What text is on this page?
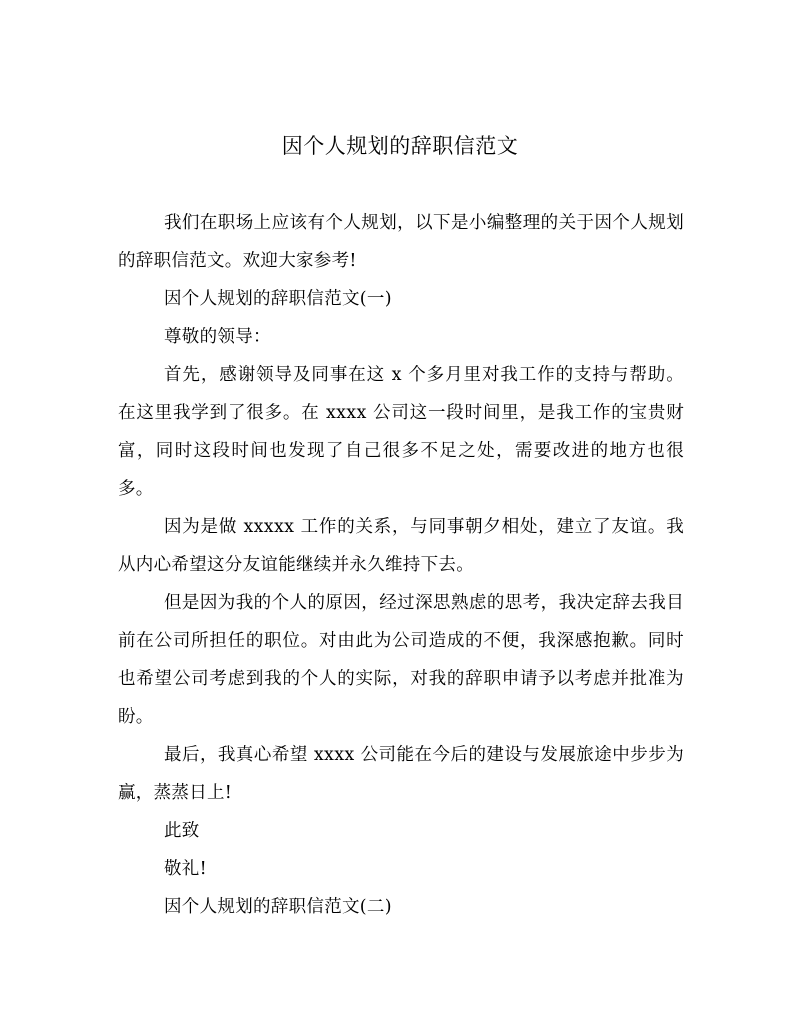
因个人规划的辞职信范文

我们在职场上应该有个人规划，以下是小编整理的关于因个人规划的辞职信范文。欢迎大家参考!

因个人规划的辞职信范文(一)

尊敬的领导：

首先，感谢领导及同事在这 x 个多月里对我工作的支持与帮助。在这里我学到了很多。在 xxxx 公司这一段时间里，是我工作的宝贵财富，同时这段时间也发现了自己很多不足之处，需要改进的地方也很多。

因为是做 xxxxx 工作的关系，与同事朝夕相处，建立了友谊。我从内心希望这分友谊能继续并永久维持下去。

但是因为我的个人的原因，经过深思熟虑的思考，我决定辞去我目前在公司所担任的职位。对由此为公司造成的不便，我深感抱歉。同时也希望公司考虑到我的个人的实际，对我的辞职申请予以考虑并批准为盼。

最后，我真心希望 xxxx 公司能在今后的建设与发展旅途中步步为赢，蒸蒸日上!

此致

敬礼!

因个人规划的辞职信范文(二)
